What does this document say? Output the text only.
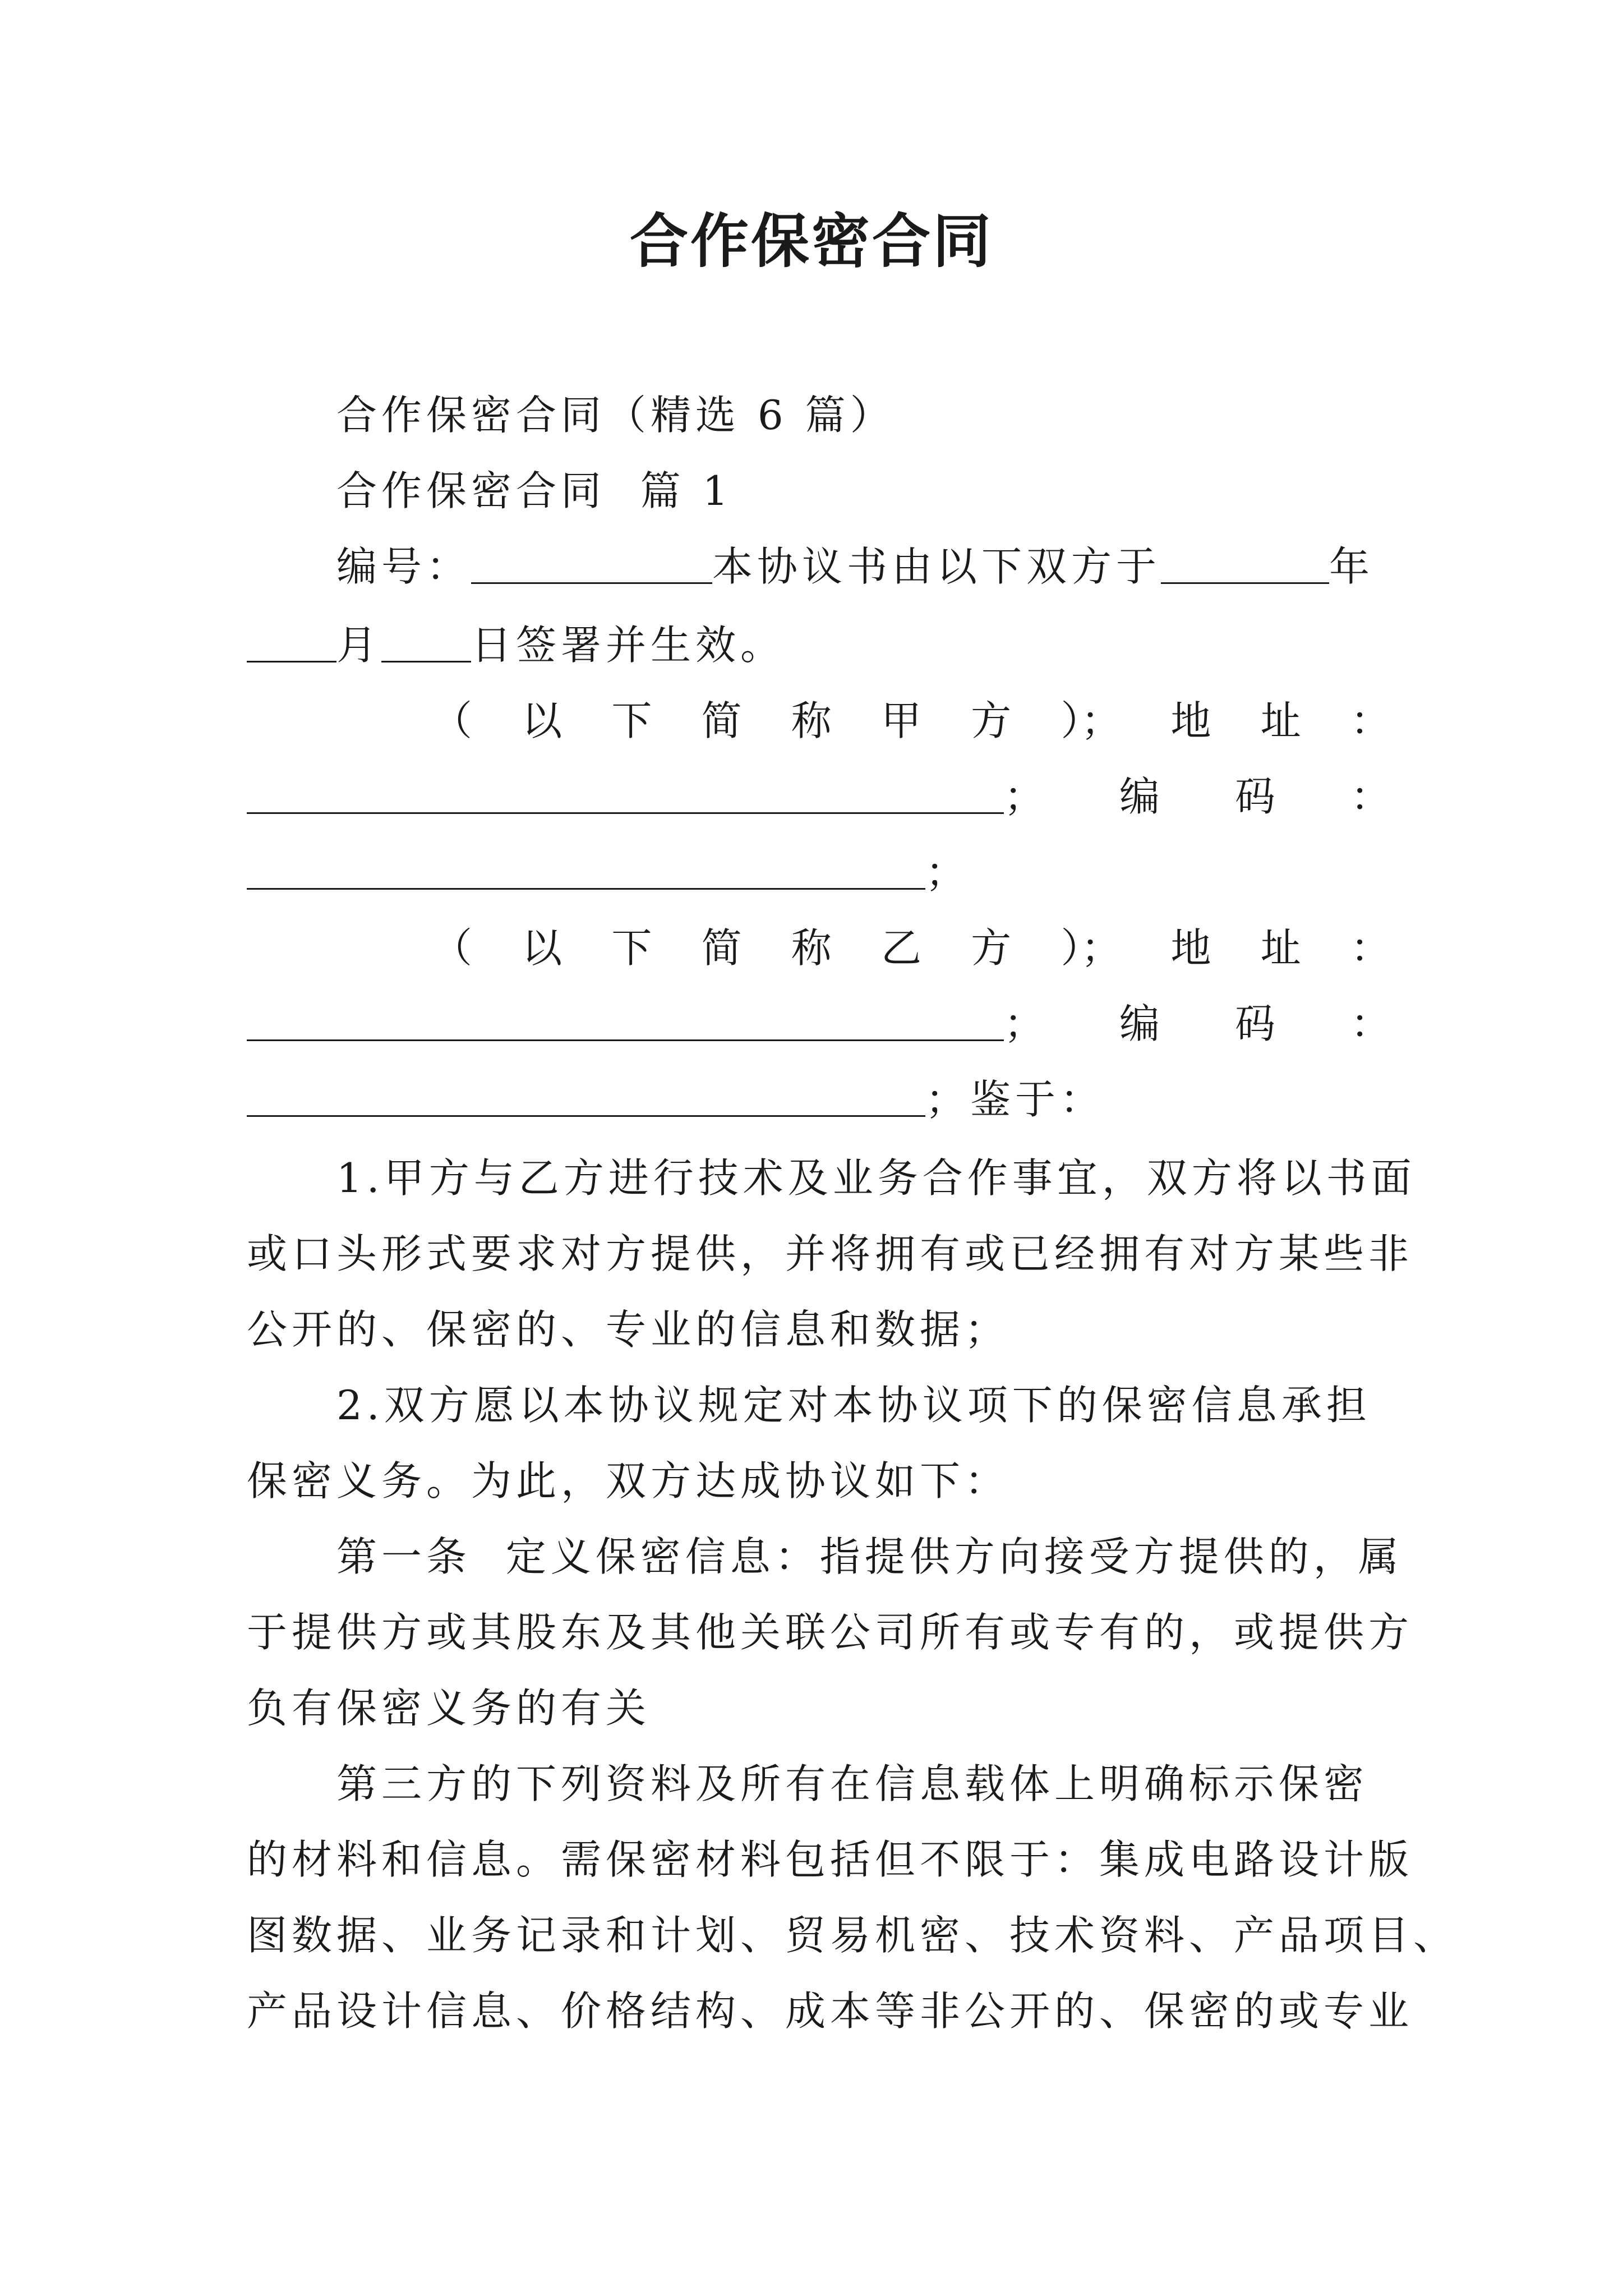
合作保密合同
合作保密合同（精选 6 篇）
合作保密合同  篇 1
编号：	本协议书由以下双方于	年
月 日签署并生效。
（ 以 下 简 称 甲 方 ）； 地 址 ：
； 编 码 ：
；
（ 以 下 简 称 乙 方 ）； 地 址 ：
； 编 码 ：
；鉴于：
1.甲方与乙方进行技术及业务合作事宜，双方将以书面
或口头形式要求对方提供，并将拥有或已经拥有对方某些非
公开的、保密的、专业的信息和数据；
2.双方愿以本协议规定对本协议项下的保密信息承担
保密义务。为此，双方达成协议如下：
第一条  定义保密信息：指提供方向接受方提供的，属
于提供方或其股东及其他关联公司所有或专有的，或提供方
负有保密义务的有关
第三方的下列资料及所有在信息载体上明确标示保密
的材料和信息。需保密材料包括但不限于：集成电路设计版
图数据、业务记录和计划、贸易机密、技术资料、产品项目、
产品设计信息、价格结构、成本等非公开的、保密的或专业
